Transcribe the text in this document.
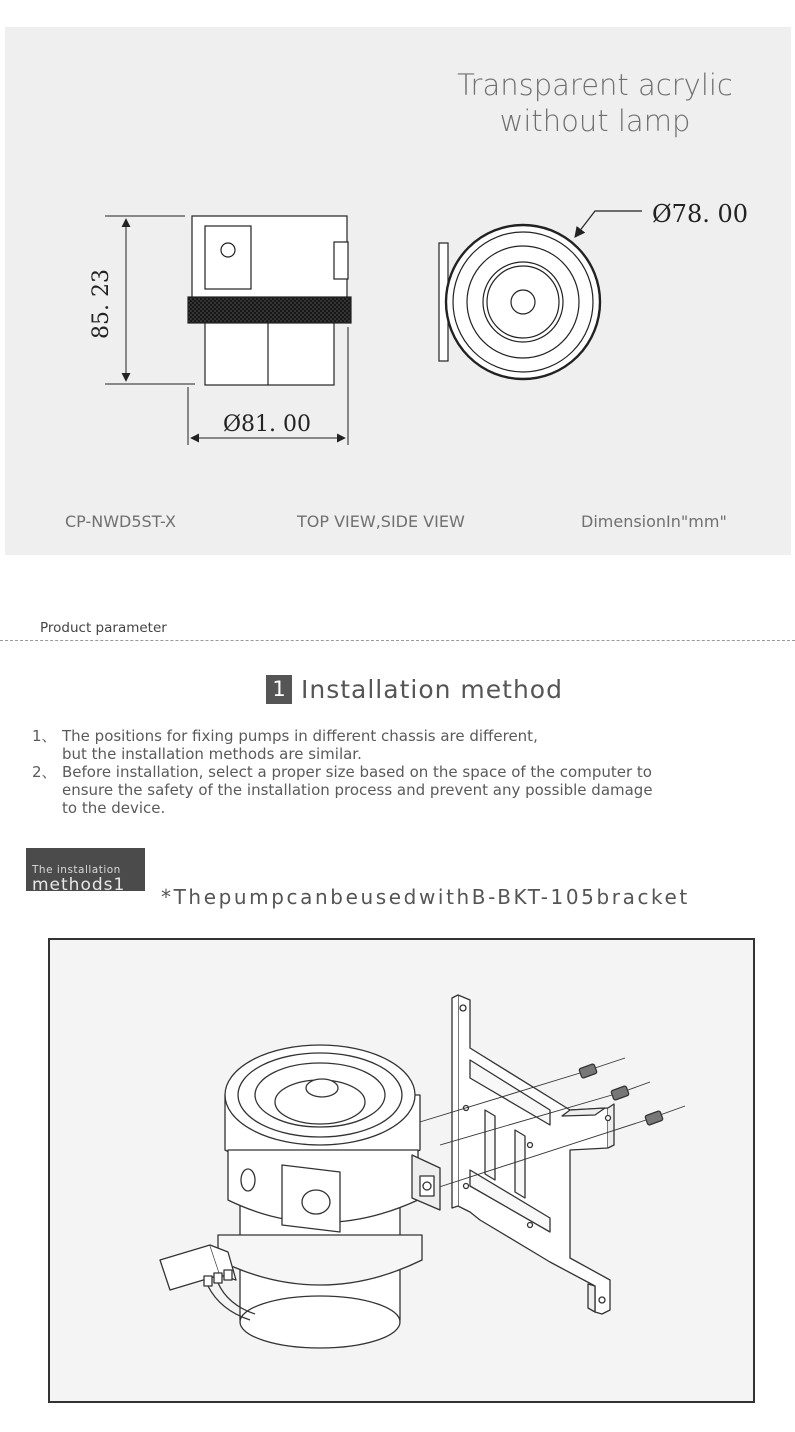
85. 23
Ø81. 00
Ø78. 00
Transparent acrylic
without lamp
CP-NWD5ST-X	TOP VIEW,SIDE VIEW	DimensionIn"mm"
Product parameter
1 Installation method
1、 The positions for fixing pumps in different chassis are different,
but the installation methods are similar.
2、 Before installation, select a proper size based on the space of the computer to
ensure the safety of the installation process and prevent any possible damage
to the device.
The installation
methods1 *ThepumpcanbeusedwithB-BKT-105bracket
